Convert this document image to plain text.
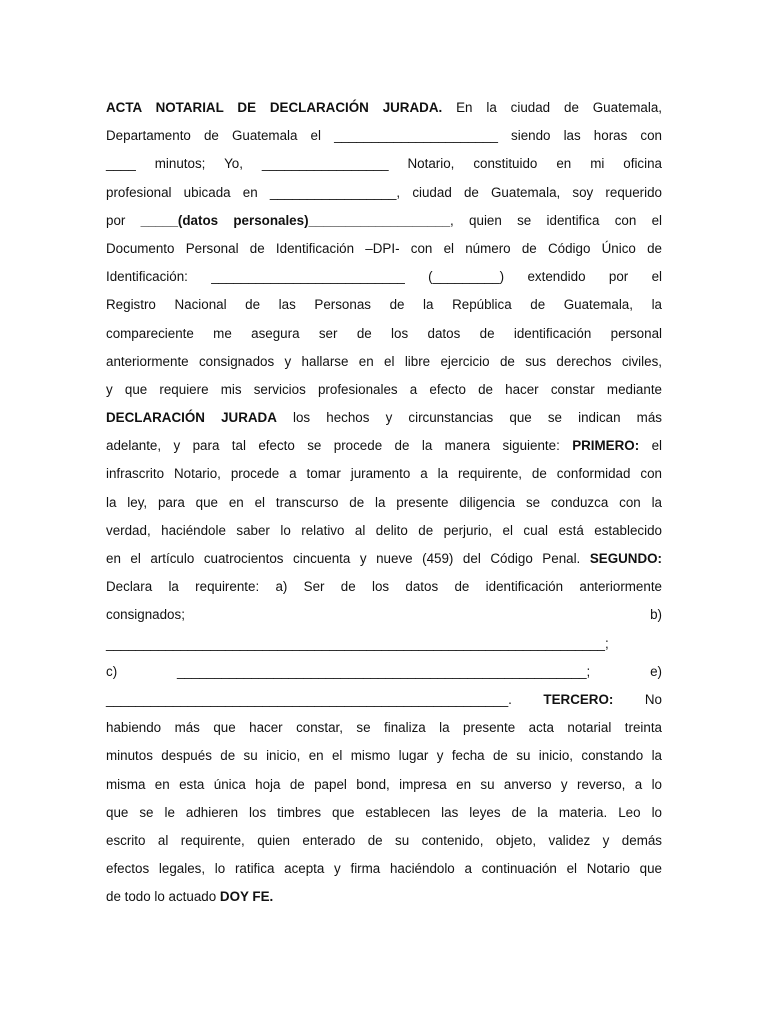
ACTA NOTARIAL DE DECLARACIÓN JURADA. En la ciudad de Guatemala,
Departamento de Guatemala el ______________________ siendo las horas con
____ minutos; Yo, _________________ Notario, constituido en mi oficina
profesional ubicada en _________________, ciudad de Guatemala, soy requerido
por _____(datos personales)___________________, quien se identifica con el
Documento Personal de Identificación –DPI- con el número de Código Único de
Identificación: __________________________ (_________) extendido por el
Registro Nacional de las Personas de la República de Guatemala, la
compareciente me asegura ser de los datos de identificación personal
anteriormente consignados y hallarse en el libre ejercicio de sus derechos civiles,
y que requiere mis servicios profesionales a efecto de hacer constar mediante
DECLARACIÓN JURADA los hechos y circunstancias que se indican más
adelante, y para tal efecto se procede de la manera siguiente: PRIMERO: el
infrascrito Notario, procede a tomar juramento a la requirente, de conformidad con
la ley, para que en el transcurso de la presente diligencia se conduzca con la
verdad, haciéndole saber lo relativo al delito de perjurio, el cual está establecido
en el artículo cuatrocientos cincuenta y nueve (459) del Código Penal. SEGUNDO:
Declara la requirente: a) Ser de los datos de identificación anteriormente
consignados; b)
___________________________________________________________________;
c) _______________________________________________________; e)
______________________________________________________. TERCERO: No
habiendo más que hacer constar, se finaliza la presente acta notarial treinta
minutos después de su inicio, en el mismo lugar y fecha de su inicio, constando la
misma en esta única hoja de papel bond, impresa en su anverso y reverso, a lo
que se le adhieren los timbres que establecen las leyes de la materia. Leo lo
escrito al requirente, quien enterado de su contenido, objeto, validez y demás
efectos legales, lo ratifica acepta y firma haciéndolo a continuación el Notario que
de todo lo actuado DOY FE.
